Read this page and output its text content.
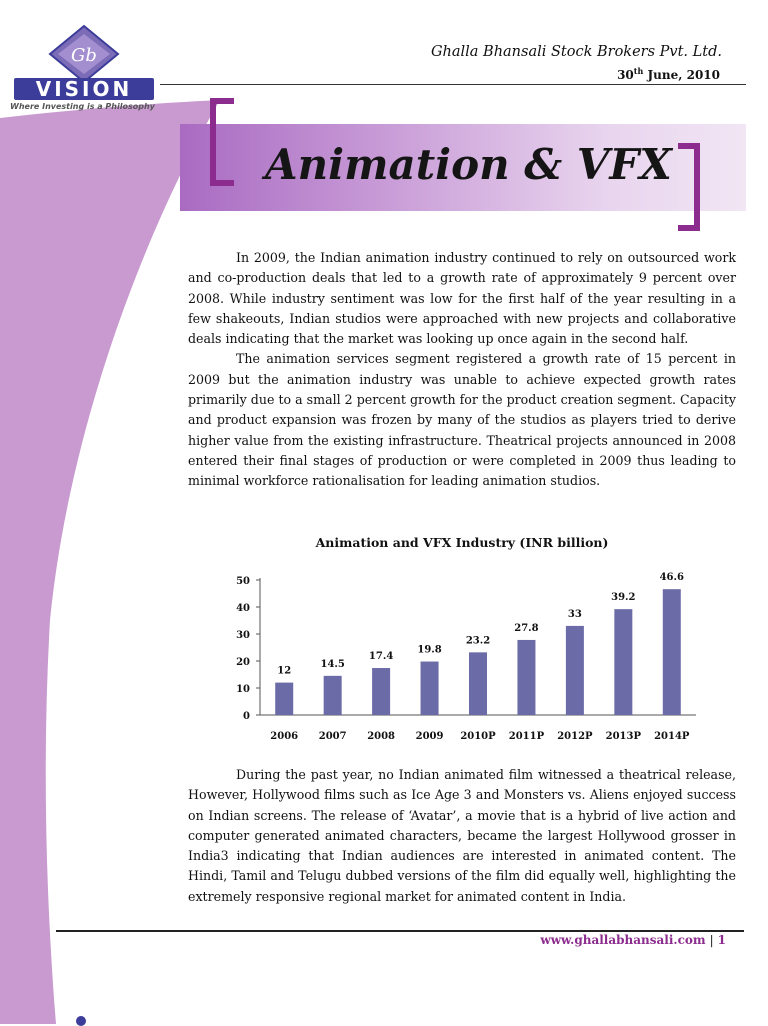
Gb
VISION
Where Investing is a Philosophy
Ghalla Bhansali Stock Brokers Pvt. Ltd.
30th June, 2010
Animation & VFX

In 2009, the Indian animation industry continued to rely on outsourced work and co-production deals that led to a growth rate of approximately 9 percent over 2008. While industry sentiment was low for the first half of the year resulting in a few shakeouts, Indian studios were approached with new projects and collaborative deals indicating that the market was looking up once again in the second half.

The animation services segment registered a growth rate of 15 percent in 2009 but the animation industry was unable to achieve expected growth rates primarily due to a small 2 percent growth for the product creation segment. Capacity and product expansion was frozen by many of the studios as players tried to derive higher value from the existing infrastructure. Theatrical projects announced in 2008 entered their final stages of production or were completed in 2009 thus leading to minimal workforce rationalisation for leading animation studios.

Animation and VFX Industry (INR billion)
0
10
20
30
40
50
12
2006
14.5
2007
17.4
2008
19.8
2009
23.2
2010P
27.8
2011P
33
2012P
39.2
2013P
46.6
2014P

During the past year, no Indian animated film witnessed a theatrical release, However, Hollywood films such as Ice Age 3 and Monsters vs. Aliens enjoyed success on Indian screens. The release of ‘Avatar’, a movie that is a hybrid of live action and computer generated animated characters, became the largest Hollywood grosser in India3 indicating that Indian audiences are interested in animated content. The Hindi, Tamil and Telugu dubbed versions of the film did equally well, highlighting the extremely responsive regional market for animated content in India.

www.ghallabhansali.com | 1
